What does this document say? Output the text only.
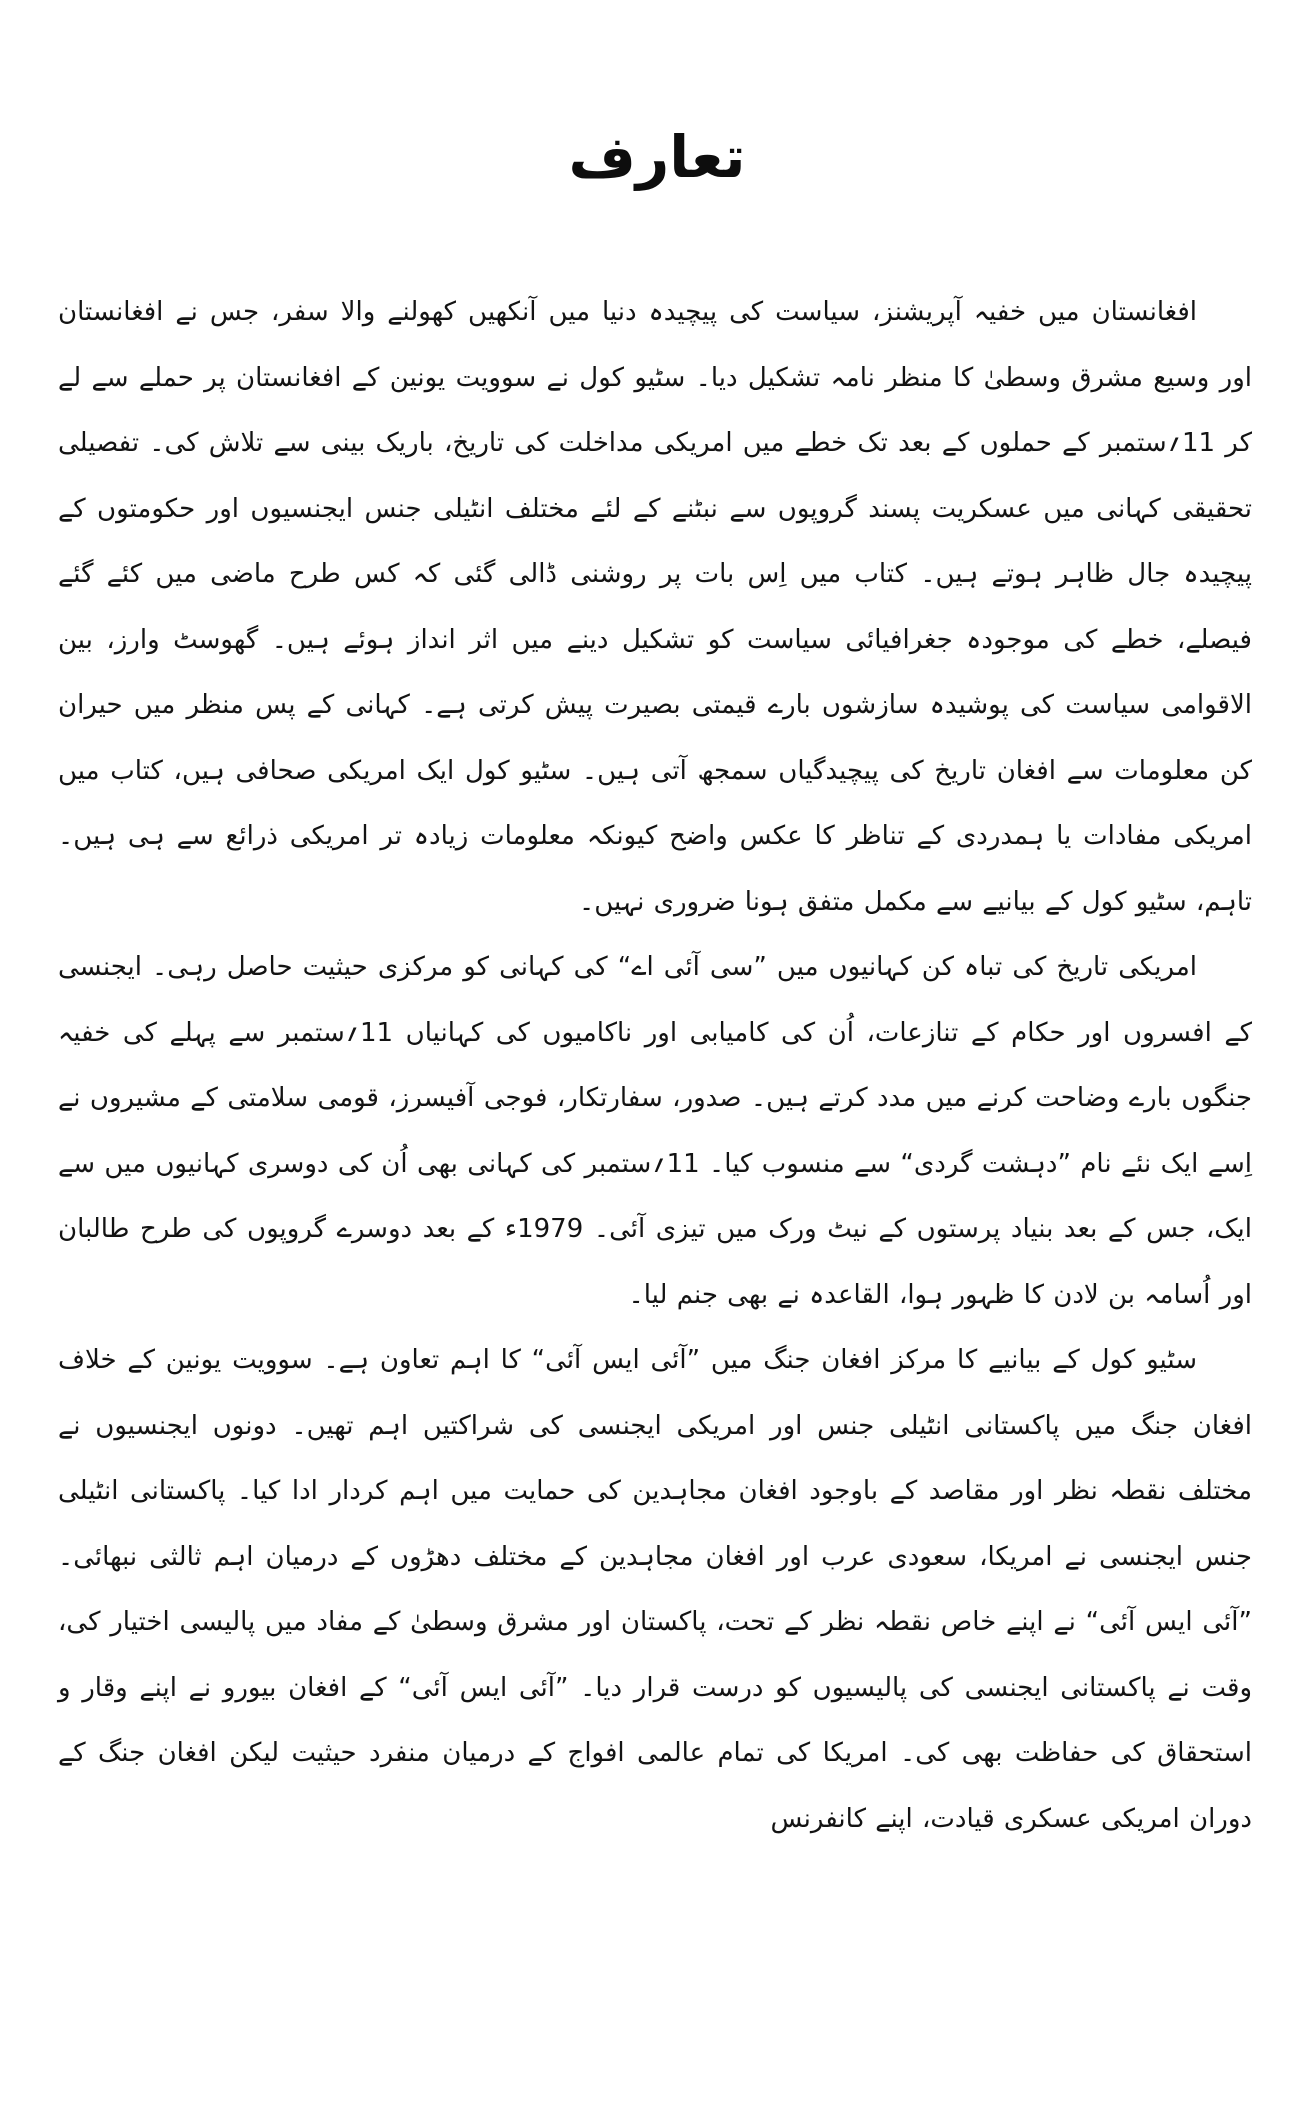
تعارف

افغانستان میں خفیہ آپریشنز، سیاست کی پیچیدہ دنیا میں آنکھیں کھولنے والا سفر، جس نے افغانستان اور وسیع مشرق وسطیٰ کا منظر نامہ تشکیل دیا۔ سٹیو کول نے سوویت یونین کے افغانستان پر حملے سے لے کر 11؍ستمبر کے حملوں کے بعد تک خطے میں امریکی مداخلت کی تاریخ، باریک بینی سے تلاش کی۔ تفصیلی تحقیقی کہانی میں عسکریت پسند گروپوں سے نبٹنے کے لئے مختلف انٹیلی جنس ایجنسیوں اور حکومتوں کے پیچیدہ جال ظاہر ہوتے ہیں۔ کتاب میں اِس بات پر روشنی ڈالی گئی کہ کس طرح ماضی میں کئے گئے فیصلے، خطے کی موجودہ جغرافیائی سیاست کو تشکیل دینے میں اثر انداز ہوئے ہیں۔ گھوسٹ وارز، بین الاقوامی سیاست کی پوشیدہ سازشوں بارے قیمتی بصیرت پیش کرتی ہے۔ کہانی کے پس منظر میں حیران کن معلومات سے افغان تاریخ کی پیچیدگیاں سمجھ آتی ہیں۔ سٹیو کول ایک امریکی صحافی ہیں، کتاب میں امریکی مفادات یا ہمدردی کے تناظر کا عکس واضح کیونکہ معلومات زیادہ تر امریکی ذرائع سے ہی ہیں۔ تاہم، سٹیو کول کے بیانیے سے مکمل متفق ہونا ضروری نہیں۔

امریکی تاریخ کی تباہ کن کہانیوں میں ”سی آئی اے“ کی کہانی کو مرکزی حیثیت حاصل رہی۔ ایجنسی کے افسروں اور حکام کے تنازعات، اُن کی کامیابی اور ناکامیوں کی کہانیاں 11؍ستمبر سے پہلے کی خفیہ جنگوں بارے وضاحت کرنے میں مدد کرتے ہیں۔ صدور، سفارتکار، فوجی آفیسرز، قومی سلامتی کے مشیروں نے اِسے ایک نئے نام ”دہشت گردی“ سے منسوب کیا۔ 11؍ستمبر کی کہانی بھی اُن کی دوسری کہانیوں میں سے ایک، جس کے بعد بنیاد پرستوں کے نیٹ ورک میں تیزی آئی۔ 1979ء کے بعد دوسرے گروپوں کی طرح طالبان اور اُسامہ بن لادن کا ظہور ہوا، القاعدہ نے بھی جنم لیا۔

سٹیو کول کے بیانیے کا مرکز افغان جنگ میں ”آئی ایس آئی“ کا اہم تعاون ہے۔ سوویت یونین کے خلاف افغان جنگ میں پاکستانی انٹیلی جنس اور امریکی ایجنسی کی شراکتیں اہم تھیں۔ دونوں ایجنسیوں نے مختلف نقطہ نظر اور مقاصد کے باوجود افغان مجاہدین کی حمایت میں اہم کردار ادا کیا۔ پاکستانی انٹیلی جنس ایجنسی نے امریکا، سعودی عرب اور افغان مجاہدین کے مختلف دھڑوں کے درمیان اہم ثالثی نبھائی۔ ”آئی ایس آئی“ نے اپنے خاص نقطہ نظر کے تحت، پاکستان اور مشرق وسطیٰ کے مفاد میں پالیسی اختیار کی، وقت نے پاکستانی ایجنسی کی پالیسیوں کو درست قرار دیا۔ ”آئی ایس آئی“ کے افغان بیورو نے اپنے وقار و استحقاق کی حفاظت بھی کی۔ امریکا کی تمام عالمی افواج کے درمیان منفرد حیثیت لیکن افغان جنگ کے دوران امریکی عسکری قیادت، اپنے کانفرنس
